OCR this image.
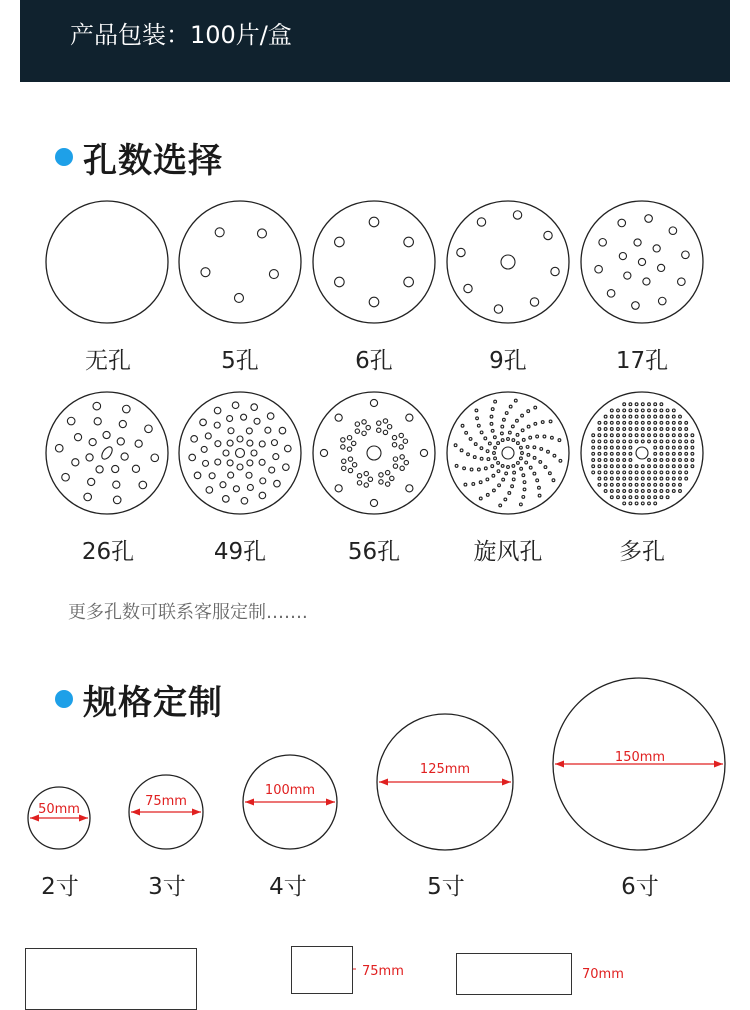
产品包装：100片/盒
孔数选择
无孔	5孔	6孔	9孔	17孔
26孔	49孔	56孔	旋风孔	多孔
更多孔数可联系客服定制…….
规格定制
50mm
75mm
100mm
125mm
150mm
2寸	3寸	4寸	5寸	6寸
75mm	70mm
